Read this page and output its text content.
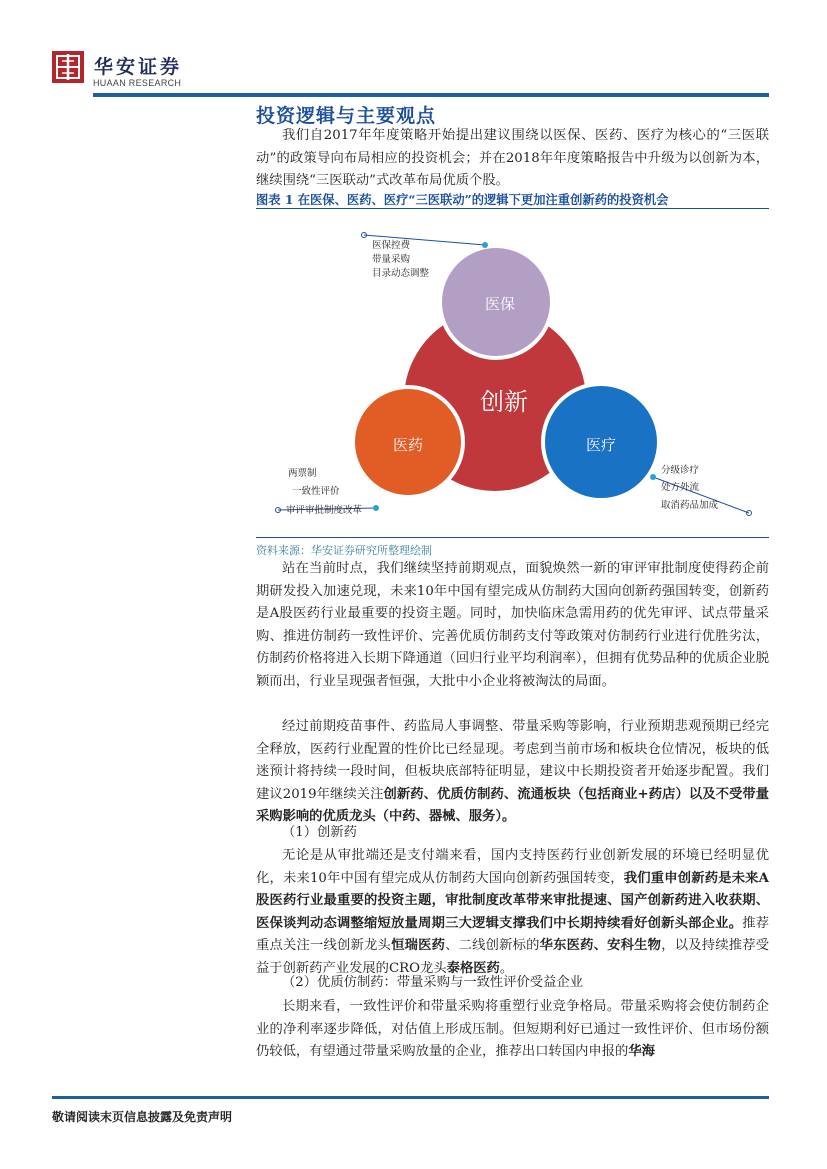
华安证券
HUAAN RESEARCH
投资逻辑与主要观点
我们自2017年年度策略开始提出建议围绕以医保、医药、医疗为核心的“三医联动”的政策导向布局相应的投资机会；并在2018年年度策略报告中升级为以创新为本，继续围绕“三医联动”式改革布局优质个股。
图表 1 在医保、医药、医疗“三医联动”的逻辑下更加注重创新药的投资机会
创新
医保
医药	医疗
医保控费
带量采购
目录动态调整
两票制
一致性评价
审评审批制度改革
分级诊疗
处方外流
取消药品加成
资料来源：华安证券研究所整理绘制
站在当前时点，我们继续坚持前期观点，面貌焕然一新的审评审批制度使得药企前期研发投入加速兑现，未来10年中国有望完成从仿制药大国向创新药强国转变，创新药是A股医药行业最重要的投资主题。同时，加快临床急需用药的优先审评、试点带量采购、推进仿制药一致性评价、完善优质仿制药支付等政策对仿制药行业进行优胜劣汰，仿制药价格将进入长期下降通道（回归行业平均利润率），但拥有优势品种的优质企业脱颖而出，行业呈现强者恒强，大批中小企业将被淘汰的局面。
经过前期疫苗事件、药监局人事调整、带量采购等影响，行业预期悲观预期已经完全释放，医药行业配置的性价比已经显现。考虑到当前市场和板块仓位情况，板块的低迷预计将持续一段时间，但板块底部特征明显，建议中长期投资者开始逐步配置。我们建议2019年继续关注创新药、优质仿制药、流通板块（包括商业+药店）以及不受带量采购影响的优质龙头（中药、器械、服务）。
（1）创新药
无论是从审批端还是支付端来看，国内支持医药行业创新发展的环境已经明显优化，未来10年中国有望完成从仿制药大国向创新药强国转变，我们重申创新药是未来A股医药行业最重要的投资主题，审批制度改革带来审批提速、国产创新药进入收获期、医保谈判动态调整缩短放量周期三大逻辑支撑我们中长期持续看好创新头部企业。推荐重点关注一线创新龙头恒瑞医药、二线创新标的华东医药、安科生物，以及持续推荐受益于创新药产业发展的CRO龙头泰格医药。
（2）优质仿制药：带量采购与一致性评价受益企业
长期来看，一致性评价和带量采购将重塑行业竞争格局。带量采购将会使仿制药企业的净利率逐步降低，对估值上形成压制。但短期利好已通过一致性评价、但市场份额仍较低，有望通过带量采购放量的企业，推荐出口转国内申报的华海
敬请阅读末页信息披露及免责声明
